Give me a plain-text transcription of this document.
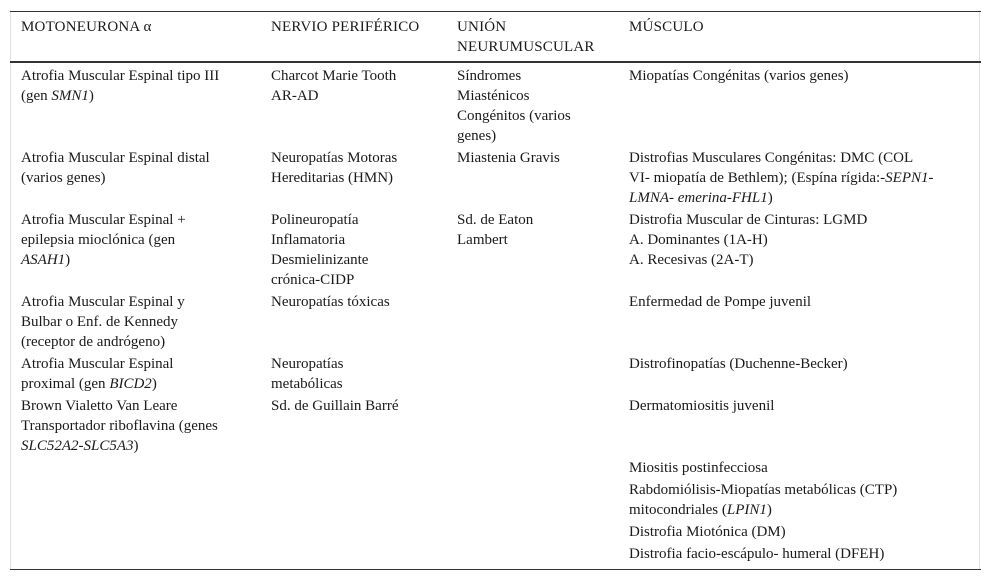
MOTONEURONA α	NERVIO PERIFÉRICO	UNIÓN
NEURUMUSCULAR
MÚSCULO
Atrofia Muscular Espinal tipo III
(gen SMN1)
Atrofia Muscular Espinal distal
(varios genes)
Atrofia Muscular Espinal +
epilepsia mioclónica (gen
ASAH1)
Atrofia Muscular Espinal y
Bulbar o Enf. de Kennedy
(receptor de andrógeno)
Atrofia Muscular Espinal
proximal (gen BICD2)
Brown Vialetto Van Leare
Transportador riboflavina (genes
SLC52A2-SLC5A3)
Charcot Marie Tooth
AR-AD
Neuropatías Motoras
Hereditarias (HMN)
Polineuropatía
Inflamatoria
Desmielinizante
crónica-CIDP
Neuropatías tóxicas
Neuropatías
metabólicas
Sd. de Guillain Barré
Síndromes
Miasténicos
Congénitos (varios
genes)
Miastenia Gravis
Sd. de Eaton
Lambert
Miopatías Congénitas (varios genes)
Distrofias Musculares Congénitas: DMC (COL
VI- miopatía de Bethlem); (Espína rígida:-SEPN1-
LMNA- emerina-FHL1)
Distrofia Muscular de Cinturas: LGMD
A. Dominantes (1A-H)
A. Recesivas (2A-T)
Enfermedad de Pompe juvenil
Distrofinopatías (Duchenne-Becker)
Dermatomiositis juvenil
Miositis postinfecciosa
Rabdomiólisis-Miopatías metabólicas (CTP)
mitocondriales (LPIN1)
Distrofia Miotónica (DM)
Distrofia facio-escápulo- humeral (DFEH)
